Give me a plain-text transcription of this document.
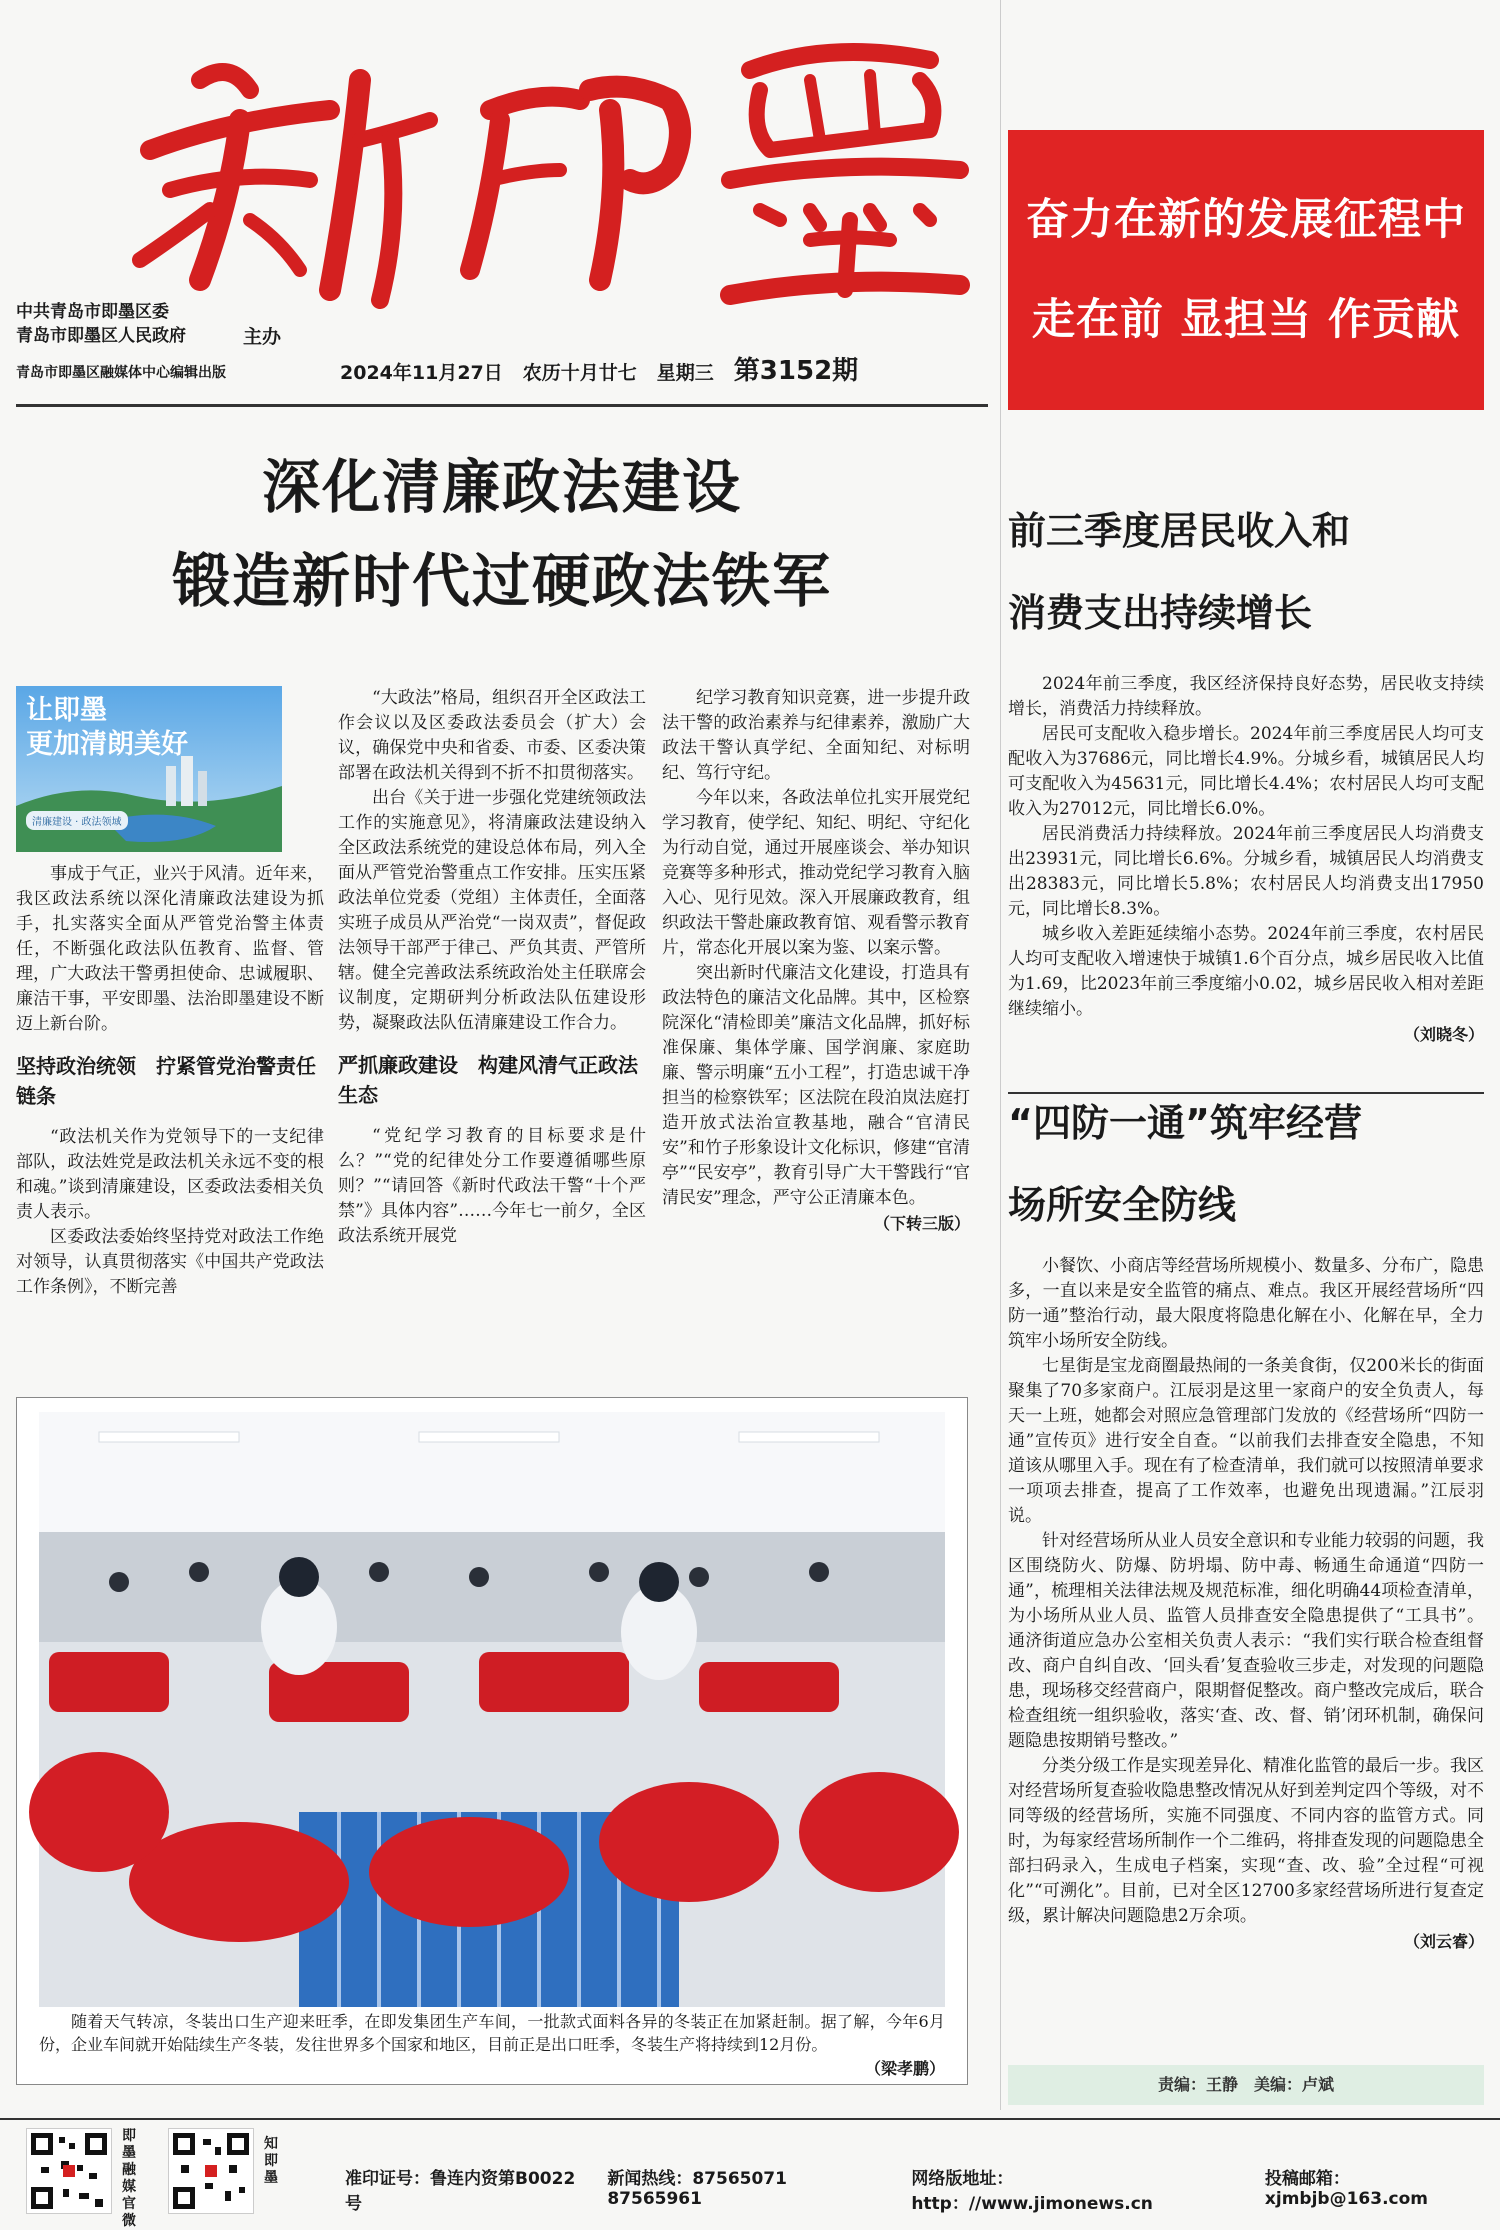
奋力在新的发展征程中
走在前 显担当 作贡献
中共青岛市即墨区委
青岛市即墨区人民政府	主办
青岛市即墨区融媒体中心编辑出版	2024年11月27日 农历十月廿七 星期三 第3152期
深化清廉政法建设
锻造新时代过硬政法铁军
让即墨
更加清朗美好
清廉建设 · 政法领域

事成于气正，业兴于风清。近年来，我区政法系统以深化清廉政法建设为抓手，扎实落实全面从严管党治警主体责任，不断强化政法队伍教育、监督、管理，广大政法干警勇担使命、忠诚履职、廉洁干事，平安即墨、法治即墨建设不断迈上新台阶。

坚持政治统领　拧紧管党治警责任链条

“政法机关作为党领导下的一支纪律部队，政法姓党是政法机关永远不变的根和魂。”谈到清廉建设，区委政法委相关负责人表示。

区委政法委始终坚持党对政法工作绝对领导，认真贯彻落实《中国共产党政法工作条例》，不断完善

“大政法”格局，组织召开全区政法工作会议以及区委政法委员会（扩大）会议，确保党中央和省委、市委、区委决策部署在政法机关得到不折不扣贯彻落实。

出台《关于进一步强化党建统领政法工作的实施意见》，将清廉政法建设纳入全区政法系统党的建设总体布局，列入全面从严管党治警重点工作安排。压实压紧政法单位党委（党组）主体责任，全面落实班子成员从严治党“一岗双责”，督促政法领导干部严于律己、严负其责、严管所辖。健全完善政法系统政治处主任联席会议制度，定期研判分析政法队伍建设形势，凝聚政法队伍清廉建设工作合力。

严抓廉政建设　构建风清气正政法生态

“党纪学习教育的目标要求是什么？”“党的纪律处分工作要遵循哪些原则？”“请回答《新时代政法干警“十个严禁”》具体内容”……今年七一前夕，全区政法系统开展党

纪学习教育知识竞赛，进一步提升政法干警的政治素养与纪律素养，激励广大政法干警认真学纪、全面知纪、对标明纪、笃行守纪。

今年以来，各政法单位扎实开展党纪学习教育，使学纪、知纪、明纪、守纪化为行动自觉，通过开展座谈会、举办知识竞赛等多种形式，推动党纪学习教育入脑入心、见行见效。深入开展廉政教育，组织政法干警赴廉政教育馆、观看警示教育片，常态化开展以案为鉴、以案示警。

突出新时代廉洁文化建设，打造具有政法特色的廉洁文化品牌。其中，区检察院深化“清检即美”廉洁文化品牌，抓好标准保廉、集体学廉、国学润廉、家庭助廉、警示明廉“五小工程”，打造忠诚干净担当的检察铁军；区法院在段泊岚法庭打造开放式法治宣教基地，融合“官清民安”和竹子形象设计文化标识，修建“官清亭”“民安亭”，教育引导广大干警践行“官清民安”理念，严守公正清廉本色。

（下转三版）
随着天气转凉，冬装出口生产迎来旺季，在即发集团生产车间，一批款式面料各异的冬装正在加紧赶制。据了解，今年6月份，企业车间就开始陆续生产冬装，发往世界多个国家和地区，目前正是出口旺季，冬装生产将持续到12月份。
（梁孝鹏）
前三季度居民收入和
消费支出持续增长

2024年前三季度，我区经济保持良好态势，居民收支持续增长，消费活力持续释放。

居民可支配收入稳步增长。2024年前三季度居民人均可支配收入为37686元，同比增长4.9%。分城乡看，城镇居民人均可支配收入为45631元，同比增长4.4%；农村居民人均可支配收入为27012元，同比增长6.0%。

居民消费活力持续释放。2024年前三季度居民人均消费支出23931元，同比增长6.6%。分城乡看，城镇居民人均消费支出28383元，同比增长5.8%；农村居民人均消费支出17950元，同比增长8.3%。

城乡收入差距延续缩小态势。2024年前三季度，农村居民人均可支配收入增速快于城镇1.6个百分点，城乡居民收入比值为1.69，比2023年前三季度缩小0.02，城乡居民收入相对差距继续缩小。

（刘晓冬）
“四防一通”筑牢经营
场所安全防线

小餐饮、小商店等经营场所规模小、数量多、分布广，隐患多，一直以来是安全监管的痛点、难点。我区开展经营场所“四防一通”整治行动，最大限度将隐患化解在小、化解在早，全力筑牢小场所安全防线。

七星街是宝龙商圈最热闹的一条美食街，仅200米长的街面聚集了70多家商户。江辰羽是这里一家商户的安全负责人，每天一上班，她都会对照应急管理部门发放的《经营场所“四防一通”宣传页》进行安全自查。“以前我们去排查安全隐患，不知道该从哪里入手。现在有了检查清单，我们就可以按照清单要求一项项去排查，提高了工作效率，也避免出现遗漏。”江辰羽说。

针对经营场所从业人员安全意识和专业能力较弱的问题，我区围绕防火、防爆、防坍塌、防中毒、畅通生命通道“四防一通”，梳理相关法律法规及规范标准，细化明确44项检查清单，为小场所从业人员、监管人员排查安全隐患提供了“工具书”。通济街道应急办公室相关负责人表示：“我们实行联合检查组督改、商户自纠自改、‘回头看’复查验收三步走，对发现的问题隐患，现场移交经营商户，限期督促整改。商户整改完成后，联合检查组统一组织验收，落实‘查、改、督、销’闭环机制，确保问题隐患按期销号整改。”

分类分级工作是实现差异化、精准化监管的最后一步。我区对经营场所复查验收隐患整改情况从好到差判定四个等级，对不同等级的经营场所，实施不同强度、不同内容的监管方式。同时，为每家经营场所制作一个二维码，将排查发现的问题隐患全部扫码录入，生成电子档案，实现“查、改、验”全过程“可视化”“可溯化”。目前，已对全区12700多家经营场所进行复查定级，累计解决问题隐患2万余项。

（刘云睿）
责编：王静　美编：卢斌
即墨融媒官微
知即墨	准印证号：鲁连内资第B0022号
新闻热线：87565071　87565961
网络版地址：http：//www.jimonews.cn
投稿邮箱：xjmbjb@163.com
